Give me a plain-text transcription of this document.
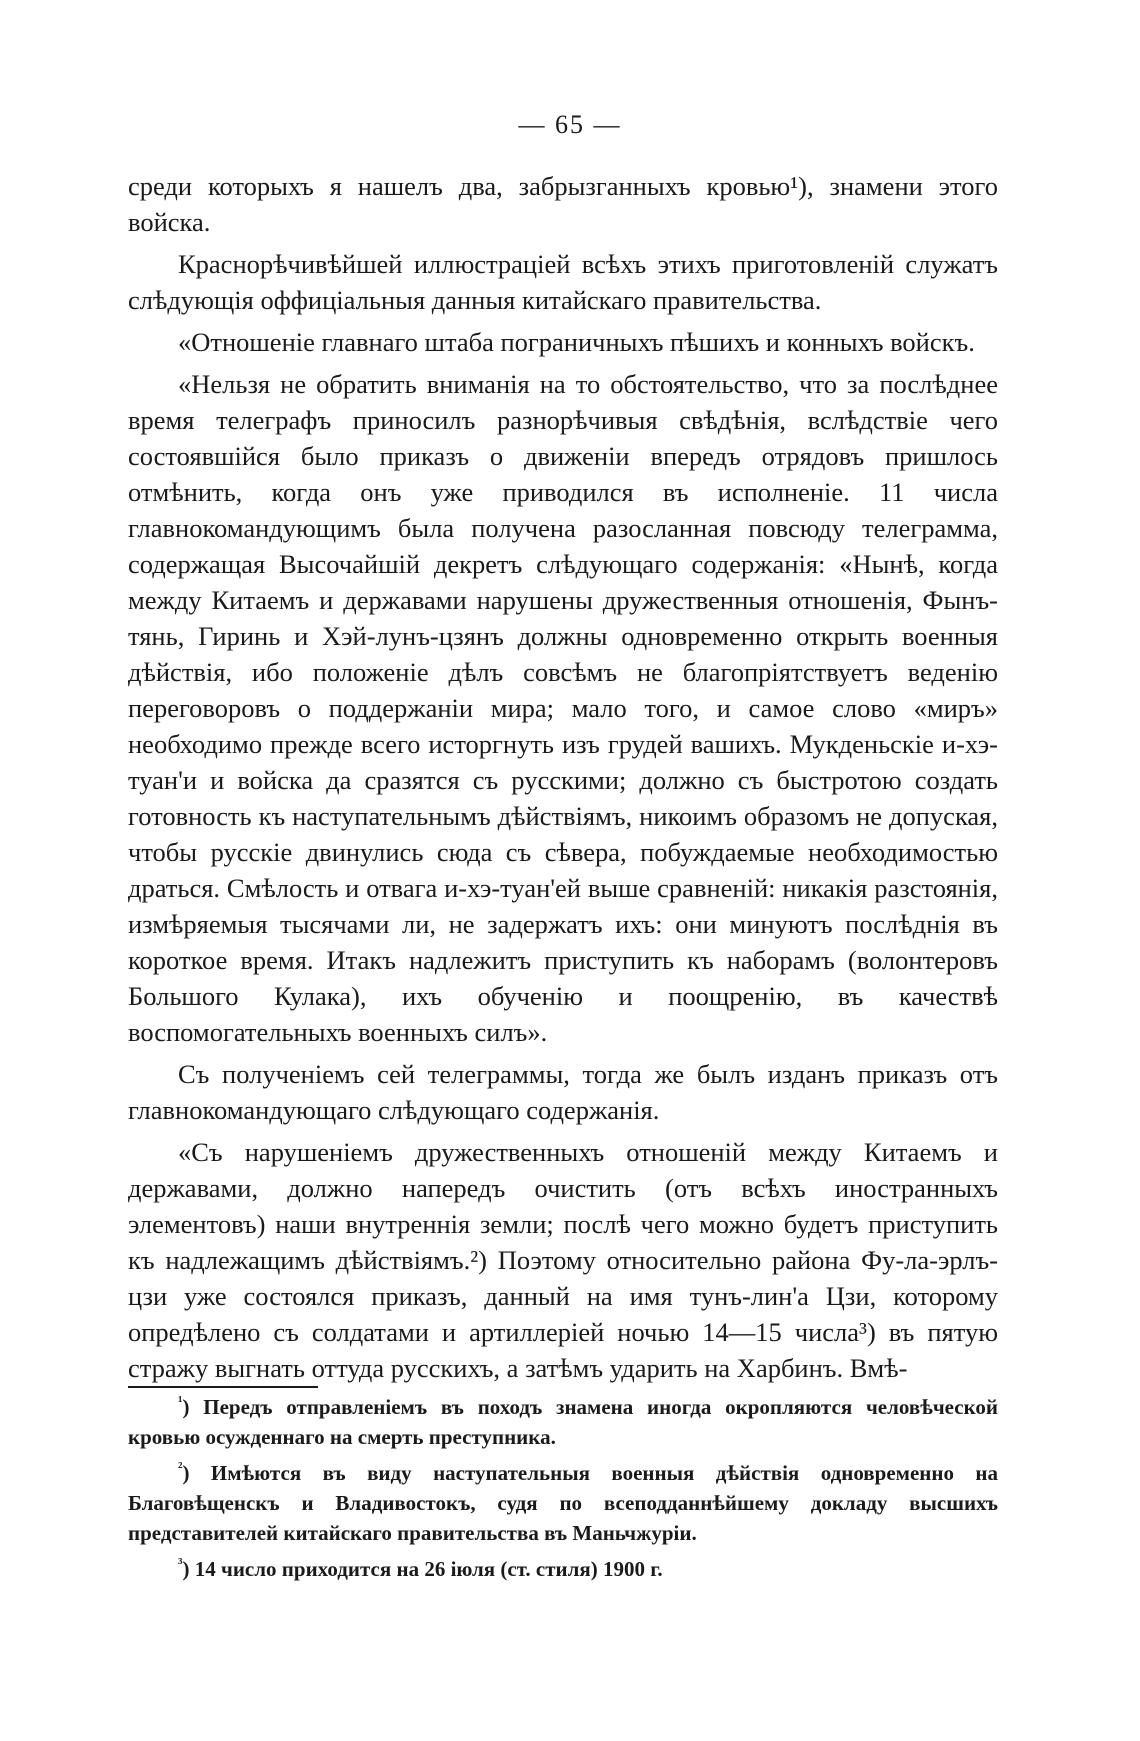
— 65 —

среди которыхъ я нашелъ два, забрызганныхъ кровью¹), знамени этого войска.

Краснорѣчивѣйшей иллюстраціей всѣхъ этихъ приготовленій служатъ слѣдующія оффиціальныя данныя китайскаго правительства.

«Отношеніе главнаго штаба пограничныхъ пѣшихъ и конныхъ войскъ.

«Нельзя не обратить вниманія на то обстоятельство, что за послѣднее время телеграфъ приносилъ разнорѣчивыя свѣдѣнія, вслѣдствіе чего состоявшійся было приказъ о движеніи впередъ отрядовъ пришлось отмѣнить, когда онъ уже приводился въ исполненіе. 11 числа главнокомандующимъ была получена разосланная повсюду телеграмма, содержащая Высочайшій декретъ слѣдующаго содержанія: «Нынѣ, когда между Китаемъ и державами нарушены дружественныя отношенія, Фынъ-тянь, Гиринь и Хэй-лунъ-цзянъ должны одновременно открыть военныя дѣйствія, ибо положеніе дѣлъ совсѣмъ не благопріятствуетъ веденію переговоровъ о поддержаніи мира; мало того, и самое слово «миръ» необходимо прежде всего исторгнуть изъ грудей вашихъ. Мукденьскіе и-хэ-туан'и и войска да сразятся съ русскими; должно съ быстротою создать готовность къ наступательнымъ дѣйствіямъ, никоимъ образомъ не допуская, чтобы русскіе двинулись сюда съ сѣвера, побуждаемые необходимостью драться. Смѣлость и отвага и-хэ-туан'ей выше сравненій: никакія разстоянія, измѣряемыя тысячами ли, не задержатъ ихъ: они минуютъ послѣднія въ короткое время. Итакъ надлежитъ приступить къ наборамъ (волонтеровъ Большого Кулака), ихъ обученію и поощренію, въ качествѣ воспомогательныхъ военныхъ силъ».

Съ полученіемъ сей телеграммы, тогда же былъ изданъ приказъ отъ главнокомандующаго слѣдующаго содержанія.

«Съ нарушеніемъ дружественныхъ отношеній между Китаемъ и державами, должно напередъ очистить (отъ всѣхъ иностранныхъ элементовъ) наши внутреннія земли; послѣ чего можно будетъ приступить къ надлежащимъ дѣйствіямъ.²) Поэтому относительно района Фу-ла-эрлъ-цзи уже состоялся приказъ, данный на имя тунъ-лин'а Цзи, которому опредѣлено съ солдатами и артиллеріей ночью 14—15 числа³) въ пятую стражу выгнать оттуда русскихъ, а затѣмъ ударить на Харбинъ. Вмѣ-

$^{^1}$) Передъ отправленіемъ въ походъ знамена иногда окропляются человѣческой кровью осужденнаго на смерть преступника.

$^{^2}$) Имѣются въ виду наступательныя военныя дѣйствія одновременно на Благовѣщенскъ и Владивостокъ, судя по всеподданнѣйшему докладу высшихъ представителей китайскаго правительства въ Маньчжуріи.

$^{^3}$) 14 число приходится на 26 іюля (ст. стиля) 1900 г.
